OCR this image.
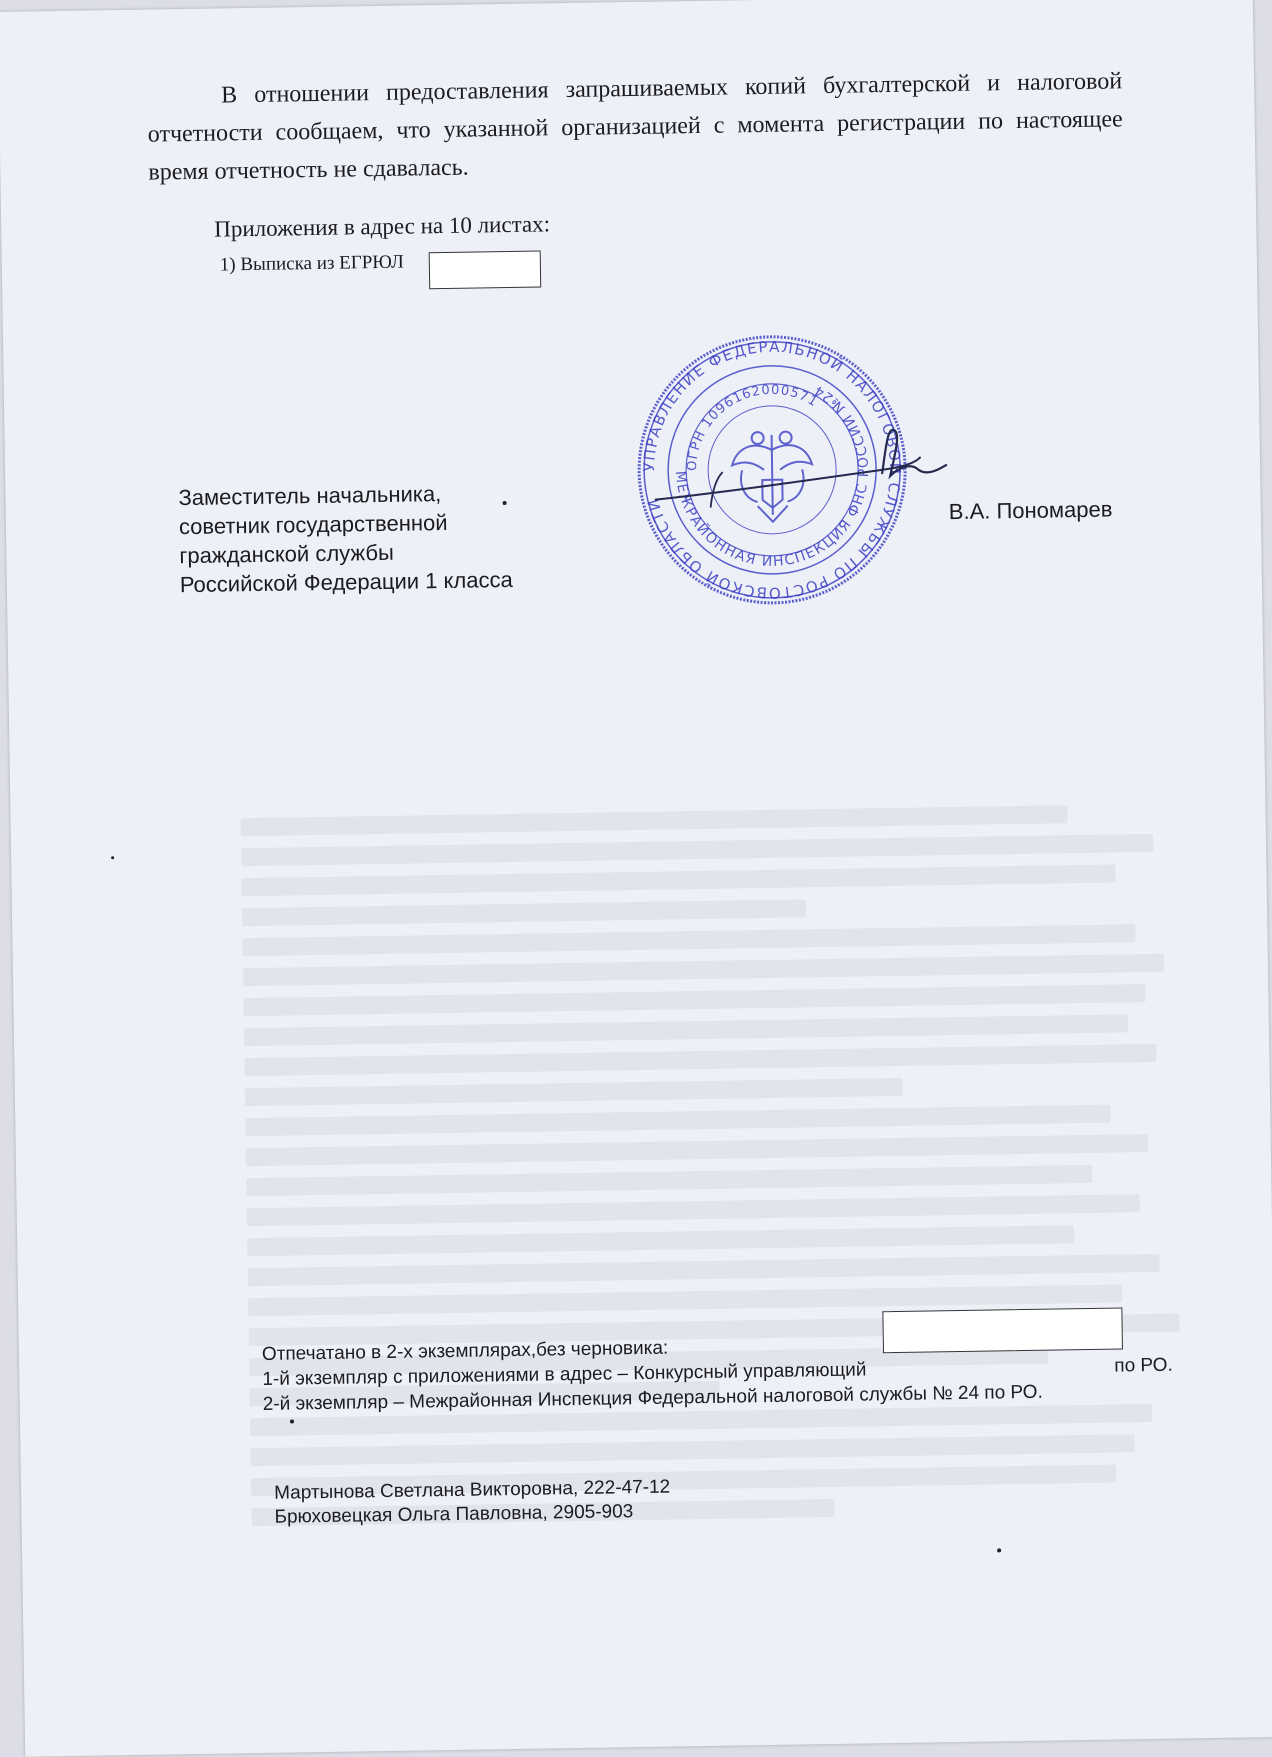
В отношении предоставления запрашиваемых копий бухгалтерской и налоговой отчетности сообщаем, что указанной организацией с момента регистрации по настоящее время отчетность не сдавалась.

Приложения в адрес на 10 листах:
1) Выписка из ЕГРЮЛ
Заместитель начальника,
советник государственной
гражданской службы
Российской Федерации 1 класса
УПРАВЛЕНИЕ ФЕДЕРАЛЬНОЙ НАЛОГОВОЙ СЛУЖБЫ ПО РОСТОВСКОЙ ОБЛАСТИ
МЕЖРАЙОННАЯ ИНСПЕКЦИЯ ФНС РОССИИ №24
ОГРН 1096162000571
В.А. Пономарев
Отпечатано в 2-х экземплярах,без черновика:
1-й экземпляр с приложениями в адрес – Конкурсный управляющий	по РО.
2-й экземпляр – Межрайонная Инспекция Федеральной налоговой службы № 24 по РО.
Мартынова Светлана Викторовна, 222-47-12
Брюховецкая Ольга Павловна, 2905-903
